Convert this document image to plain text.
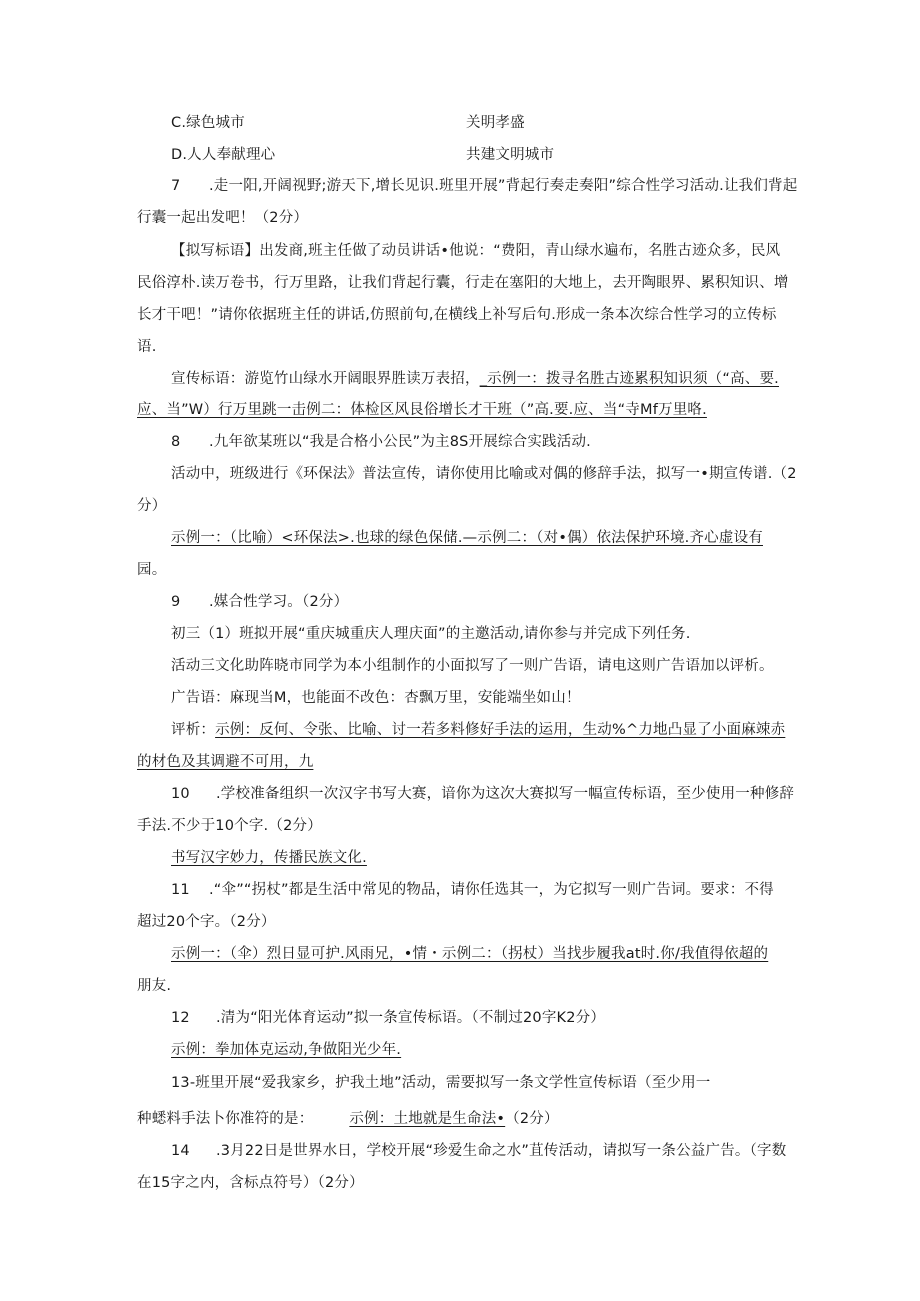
C.绿色城市	关明孝盛
D.人人奉献理心	共建文明城市
7 .走一阳,开阔视野;游天下,增长见识.班里开展”背起行奏走奏阳”综合性学习活动.让我们背起
行囊一起出发吧！（2分）
【拟写标语】出发商,班主任做了动员讲话•他说：“费阳，青山绿水遍布，名胜古迹众多，民风
民俗淳朴.读万卷书，行万里路，让我们背起行囊，行走在塞阳的大地上，去开陶眼界、累积知识、增
长才干吧！”请你依据班主任的讲话,仿照前句,在横线上补写后句.形成一条本次综合性学习的立传标
语.
宣传标语：游览竹山绿水开阔眼界胜读万表招，_示例一：拨寻名胜古迹累积知识须（“高、要.
应、当”W）行万里跳一击例二：体检区风艮俗增长才干班（”高.要.应、当“寺Mf万里咯.
8 .九年欲某班以“我是合格小公民”为主8S开展综合实践活动.
活动中，班级进行《环保法》普法宣传，请你使用比喻或对偶的修辞手法，拟写一•期宣传谱.（2
分）
示例一：（比喻）<环保法>.也球的绿色保储.—示例二：（对•偶）依法保护环境.齐心虚设有
园。
9 .媒合性学习。（2分）
初三（1）班拟开展“重庆城重庆人理庆面”的主邀活动,请你参与并完成下列任务.
活动三文化助阵晓市同学为本小组制作的小面拟写了一则广告语，请电这则广告语加以评析。
广告语：麻现当M，也能面不改色：杏飘万里，安能端坐如山！
评析：示例：反何、令张、比喻、讨一若多料修好手法的运用，生动%^力地凸显了小面麻竦赤
的材色及其调避不可用，九
10 .学校准备组织一次汉字书写大赛，谙你为这次大赛拟写一幅宣传标语，至少使用一种修辞
手法.不少于10个字.（2分）
书写汉字妙力，传播民族文化.
11 .“伞”“拐杖”都是生活中常见的物品，请你任选其一，为它拟写一则广告词。要求：不得
超过20个字。（2分）
示例一：（伞）烈日显可护.风雨兄，•情・示例二：（拐杖）当找步履我at时.你/我值得依超的
朋友.
12 .清为“阳光体育运动”拟一条宣传标语。（不制过20字K2分）
示例：拳加体克运动,争做阳光少年.
13-班里开展“爱我家乡，护我土地”活动，需要拟写一条文学性宣传标语（至少用一
种蟋料手法卜你准符的是： 示例：土地就是生命法•（2分）
14 .3月22日是世界水日，学校开展“珍爱生命之水”苴传活动，请拟写一条公益广告。（字数
在15字之内，含标点符号）（2分）
